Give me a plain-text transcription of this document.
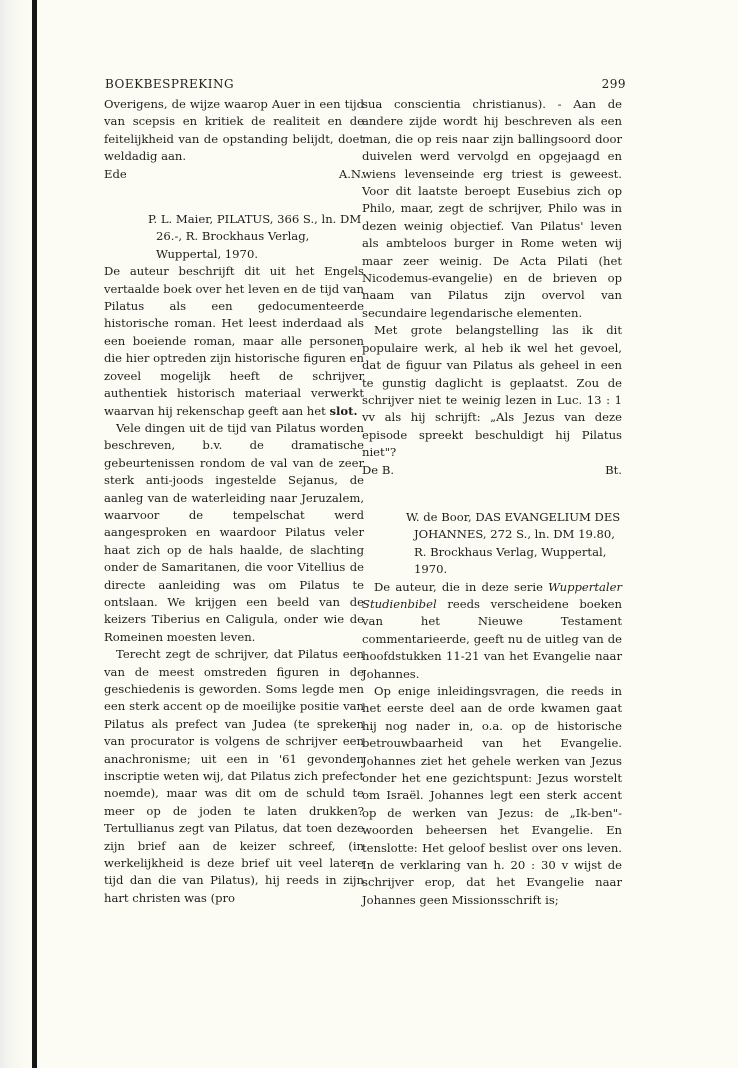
BOEKBESPREKING	299

Overigens, de wijze waarop Auer in een tijd van scepsis en kritiek de realiteit en de feitelijkheid van de opstanding belijdt, doet weldadig aan.

Ede	A.N.
P. L. Maier, PILATUS, 366 S., ln. DM 26.-, R. Brockhaus Verlag, Wuppertal, 1970.

De auteur beschrijft dit uit het Engels vertaalde boek over het leven en de tijd van Pilatus als een gedocumenteerde historische roman. Het leest inderdaad als een boeiende roman, maar alle personen die hier optreden zijn historische figuren en zoveel mogelijk heeft de schrijver authentiek historisch materiaal verwerkt waarvan hij rekenschap geeft aan het slot.

Vele dingen uit de tijd van Pilatus worden beschreven, b.v. de dramatische gebeurtenissen rondom de val van de zeer sterk anti-joods ingestelde Sejanus, de aanleg van de waterleiding naar Jeruzalem, waarvoor de tempelschat werd aangesproken en waardoor Pilatus veler haat zich op de hals haalde, de slachting onder de Samaritanen, die voor Vitellius de directe aanleiding was om Pilatus te ontslaan. We krijgen een beeld van de keizers Tiberius en Caligula, onder wie de Romeinen moesten leven.

Terecht zegt de schrijver, dat Pilatus een van de meest omstreden figuren in de geschiedenis is geworden. Soms legde men een sterk accent op de moeilijke positie van Pilatus als prefect van Judea (te spreken van procurator is volgens de schrijver een anachronisme; uit een in '61 gevonden inscriptie weten wij, dat Pilatus zich prefect noemde), maar was dit om de schuld te meer op de joden te laten drukken? Tertullianus zegt van Pilatus, dat toen deze zijn brief aan de keizer schreef, (in werkelijkheid is deze brief uit veel latere tijd dan die van Pilatus), hij reeds in zijn hart christen was (pro

sua conscientia christianus). - Aan de andere zijde wordt hij beschreven als een man, die op reis naar zijn ballingsoord door duivelen werd vervolgd en opgejaagd en wiens levenseinde erg triest is geweest. Voor dit laatste beroept Eusebius zich op Philo, maar, zegt de schrijver, Philo was in dezen weinig objectief. Van Pilatus' leven als ambteloos burger in Rome weten wij maar zeer weinig. De Acta Pilati (het Nicodemus-evangelie) en de brieven op naam van Pilatus zijn overvol van secundaire legendarische elementen.

Met grote belangstelling las ik dit populaire werk, al heb ik wel het gevoel, dat de figuur van Pilatus als geheel in een te gunstig daglicht is geplaatst. Zou de schrijver niet te weinig lezen in Luc. 13 : 1 vv als hij schrijft: „Als Jezus van deze episode spreekt beschuldigt hij Pilatus niet"?

De B.	Bt.
W. de Boor, DAS EVANGELIUM DES JOHANNES, 272 S., ln. DM 19.80, R. Brockhaus Verlag, Wuppertal, 1970.

De auteur, die in deze serie Wuppertaler Studienbibel reeds verscheidene boeken van het Nieuwe Testament commentarieerde, geeft nu de uitleg van de hoofdstukken 11-21 van het Evangelie naar Johannes.

Op enige inleidingsvragen, die reeds in het eerste deel aan de orde kwamen gaat hij nog nader in, o.a. op de historische betrouwbaarheid van het Evangelie. Johannes ziet het gehele werken van Jezus onder het ene gezichtspunt: Jezus worstelt om Israël. Johannes legt een sterk accent op de werken van Jezus: de „Ik-ben"-woorden beheersen het Evangelie. En tenslotte: Het geloof beslist over ons leven. In de verklaring van h. 20 : 30 v wijst de schrijver erop, dat het Evangelie naar Johannes geen Missionsschrift is;
